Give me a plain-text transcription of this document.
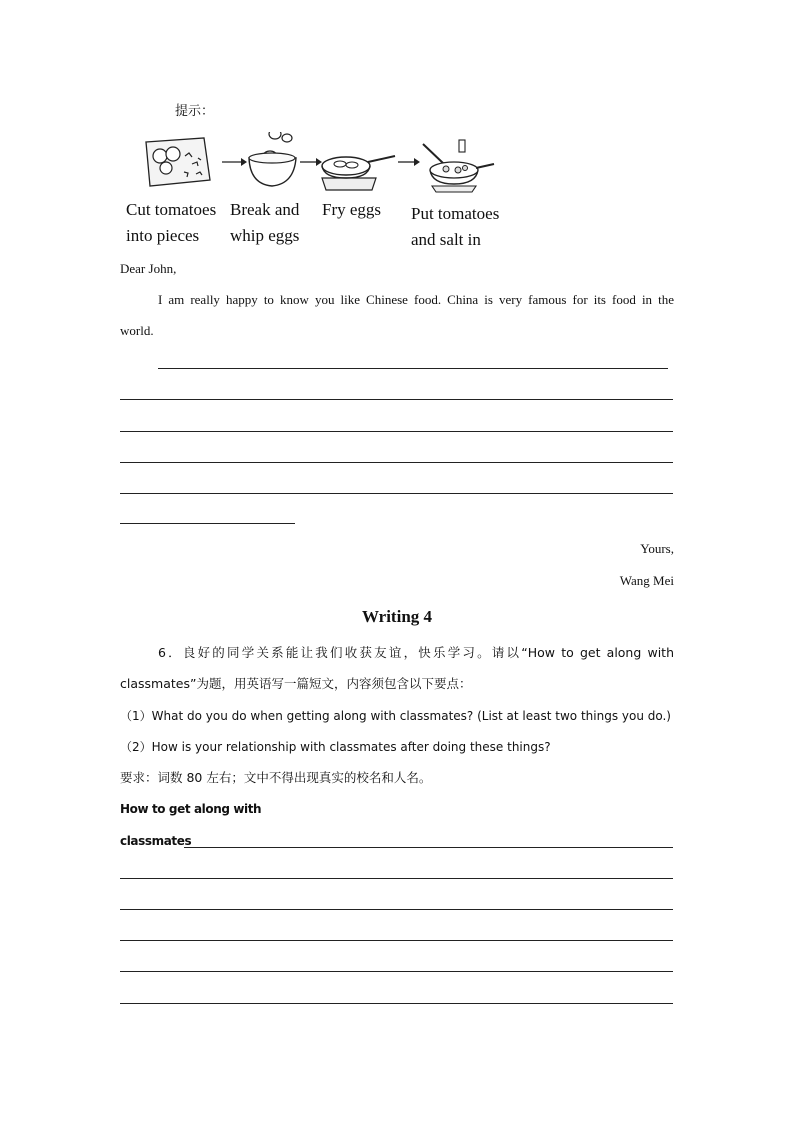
提示：
Cut tomatoes
into pieces
Break and
whip eggs
Fry eggs Put tomatoes
and salt in
Dear John,
I am really happy to know you like Chinese food. China is very famous for its food in the
world.
Yours,
Wang Mei
Writing 4
6．良好的同学关系能让我们收获友谊，快乐学习。请以“How to get along with
classmates”为题，用英语写一篇短文，内容须包含以下要点：
（1）What do you do when getting along with classmates? (List at least two things you do.)
（2）How is your relationship with classmates after doing these things?
要求：词数 80 左右；文中不得出现真实的校名和人名。
How to get along with
classmates
